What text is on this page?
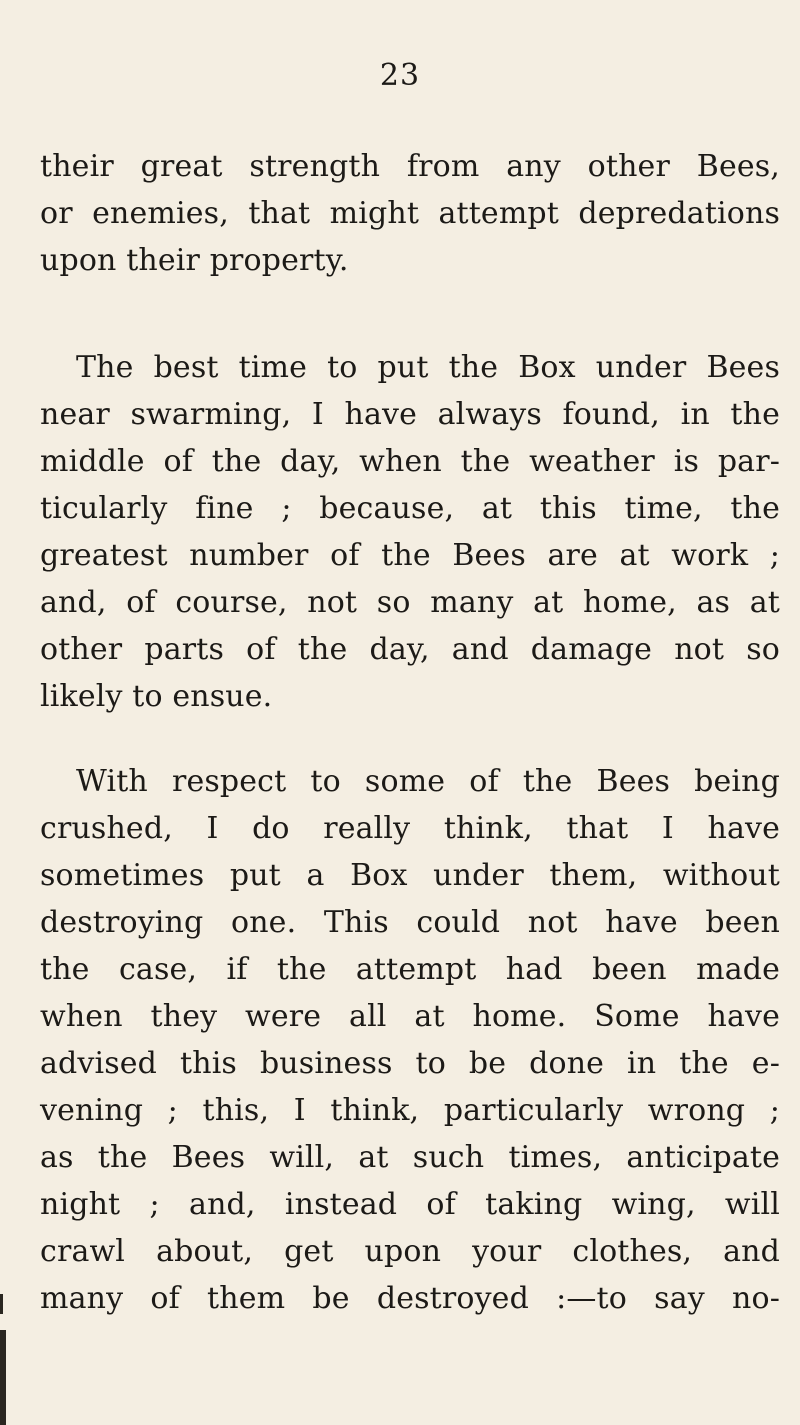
23
their great strength from any other Bees,
or enemies, that might attempt depredations
upon their property.
The best time to put the Box under Bees
near swarming, I have always found, in the
middle of the day, when the weather is par-
ticularly fine ; because, at this time, the
greatest number of the Bees are at work ;
and, of course, not so many at home, as at
other parts of the day, and damage not so
likely to ensue.
With respect to some of the Bees being
crushed, I do really think, that I have
sometimes put a Box under them, without
destroying one. This could not have been
the case, if the attempt had been made
when they were all at home. Some have
advised this business to be done in the e-
vening ; this, I think, particularly wrong ;
as the Bees will, at such times, anticipate
night ; and, instead of taking wing, will
crawl about, get upon your clothes, and
many of them be destroyed :—to say no-
